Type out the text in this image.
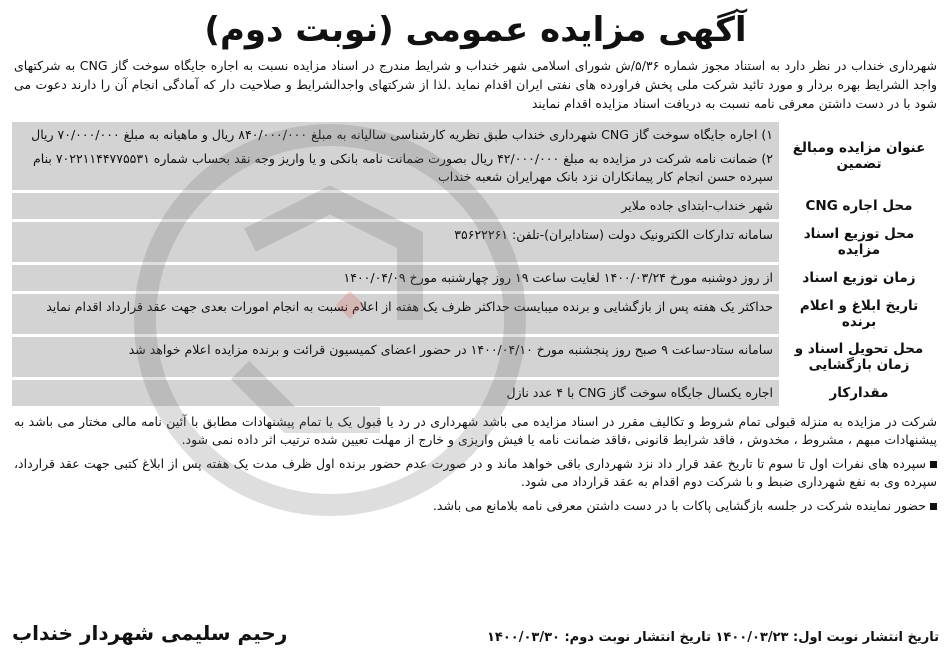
آگهی مزایده عمومی (نوبت دوم)
شهرداری خنداب در نظر دارد به استناد مجوز شماره ۵/۳۶/ش شورای اسلامی شهر خنداب و شرایط مندرج در اسناد مزایده نسبت به اجاره جایگاه سوخت گاز CNG به شرکتهای واجد الشرایط بهره بردار و مورد تائید شرکت ملی پخش فراورده های نفتی ایران اقدام نماید .لذا از شرکتهای واجدالشرایط و صلاحیت دار که آمادگی انجام آن را دارند دعوت می شود با در دست داشتن معرفی نامه نسبت به دریافت اسناد مزایده اقدام نمایند
عنوان مزایده ومبالغ تضمین	۱) اجاره جایگاه سوخت گاز CNG شهرداری خنداب طبق نظریه کارشناسی سالیانه به مبلغ ۸۴۰/۰۰۰/۰۰۰ ریال و ماهیانه به مبلغ ۷۰/۰۰۰/۰۰۰ ریال
۲) ضمانت نامه شرکت در مزایده به مبلغ ۴۲/۰۰۰/۰۰۰ ریال بصورت ضمانت نامه بانکی و یا واریز وجه نقد بحساب شماره ۷۰۲۲۱۱۴۴۷۷۵۵۳۱ بنام سپرده حسن انجام کار پیمانکاران نزد بانک مهرایران شعبه خنداب

محل اجاره CNG	شهر خنداب-ابتدای جاده ملایر

محل توزیع اسناد مزایده	سامانه تدارکات الکترونیک دولت (ستادایران)-تلفن: ۳۵۶۲۲۲۶۱

زمان توزیع اسناد	از روز دوشنبه مورخ ۱۴۰۰/۰۳/۲۴ لغایت ساعت ۱۹ روز چهارشنبه مورخ ۱۴۰۰/۰۴/۰۹

تاریخ ابلاغ و اعلام برنده	حداکثر یک هفته پس از بازگشایی و برنده میبایست حداکثر ظرف یک هفته از اعلام نسبت به انجام امورات بعدی جهت عقد قرارداد اقدام نماید

محل تحویل اسناد و زمان بازگشایی	سامانه ستاد-ساعت ۹ صبح روز پنجشنبه مورخ ۱۴۰۰/۰۴/۱۰ در حضور اعضای کمیسیون قرائت و برنده مزایده اعلام خواهد شد

مقدارکار	اجاره یکسال جایگاه سوخت گاز CNG با ۴ عدد نازل
شرکت در مزایده به منزله قبولی تمام شروط و تکالیف مقرر در اسناد مزایده می باشد شهرداری در رد یا قبول یک یا تمام پیشنهادات مطابق با آئین نامه مالی مختار می باشد به پیشنهادات مبهم ، مشروط ، مخدوش ، فاقد شرایط قانونی ،فاقد ضمانت نامه یا فیش واریزی و خارج از مهلت تعیین شده ترتیب اثر داده نمی شود.
سپرده های نفرات اول تا سوم تا تاریخ عقد قرار داد نزد شهرداری باقی خواهد ماند و در صورت عدم حضور برنده اول ظرف مدت یک هفته پس از ابلاغ کتبی جهت عقد قرارداد، سپرده وی به نفع شهرداری ضبط و با شرکت دوم اقدام به عقد قرارداد می شود.
حضور نماینده شرکت در جلسه بازگشایی پاکات با در دست داشتن معرفی نامه بلامانع می باشد.
تاریخ انتشار نوبت اول: ۱۴۰۰/۰۳/۲۳ تاریخ انتشار نوبت دوم: ۱۴۰۰/۰۳/۳۰
رحیم سلیمی شهردار خنداب
